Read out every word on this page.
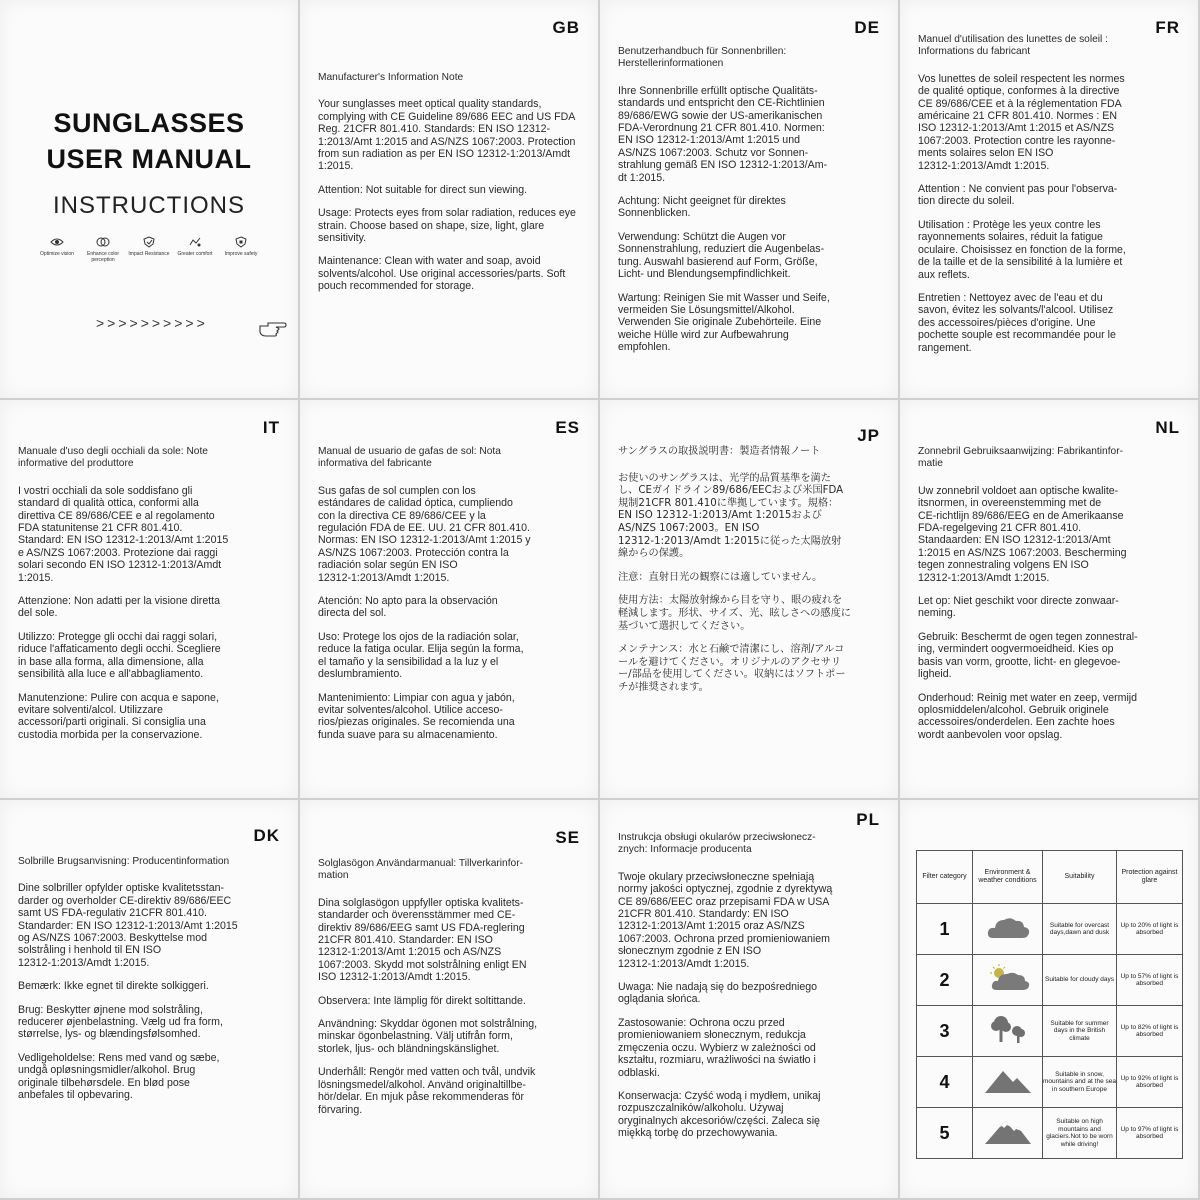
SUNGLASSES
USER MANUAL
INSTRUCTIONS
Optimize vision	Enhance color perception
Impact Resistance	Greater comfort	Improve safety
>>>>>>>>>>
GB

Manufacturer's Information Note

Your sunglasses meet optical quality standards, complying with CE Guideline 89/686 EEC and US FDA Reg. 21CFR 801.410. Standards: EN ISO 12312-1:2013/Amt 1:2015 and AS/NZS 1067:2003. Protection from sun radiation as per EN ISO 12312-1:2013/Amdt 1:2015.

Attention: Not suitable for direct sun viewing.

Usage: Protects eyes from solar radiation, reduces eye strain. Choose based on shape, size, light, glare sensitivity.

Maintenance: Clean with water and soap, avoid solvents/alcohol. Use original accessories/parts. Soft pouch recommended for storage.

DE

Benutzerhandbuch für Sonnenbrillen:
Herstellerinformationen

Ihre Sonnenbrille erfüllt optische Qualitäts-
standards und entspricht den CE-Richtlinien
89/686/EWG sowie der US-amerikanischen
FDA-Verordnung 21 CFR 801.410. Normen:
EN ISO 12312-1:2013/Amt 1:2015 und
AS/NZS 1067:2003. Schutz vor Sonnen-
strahlung gemäß EN ISO 12312-1:2013/Am-
dt 1:2015.

Achtung: Nicht geeignet für direktes
Sonnenblicken.

Verwendung: Schützt die Augen vor
Sonnenstrahlung, reduziert die Augenbelas-
tung. Auswahl basierend auf Form, Größe,
Licht- und Blendungsempfindlichkeit.

Wartung: Reinigen Sie mit Wasser und Seife,
vermeiden Sie Lösungsmittel/Alkohol.
Verwenden Sie originale Zubehörteile. Eine
weiche Hülle wird zur Aufbewahrung
empfohlen.

FR

Manuel d'utilisation des lunettes de soleil :
Informations du fabricant

Vos lunettes de soleil respectent les normes
de qualité optique, conformes à la directive
CE 89/686/CEE et à la réglementation FDA
américaine 21 CFR 801.410. Normes : EN
ISO 12312-1:2013/Amt 1:2015 et AS/NZS
1067:2003. Protection contre les rayonne-
ments solaires selon EN ISO
12312-1:2013/Amdt 1:2015.

Attention : Ne convient pas pour l'observa-
tion directe du soleil.

Utilisation : Protège les yeux contre les
rayonnements solaires, réduit la fatigue
oculaire. Choisissez en fonction de la forme,
de la taille et de la sensibilité à la lumière et
aux reflets.

Entretien : Nettoyez avec de l'eau et du
savon, évitez les solvants/l'alcool. Utilisez
des accessoires/pièces d'origine. Une
pochette souple est recommandée pour le
rangement.

IT

Manuale d'uso degli occhiali da sole: Note
informative del produttore

I vostri occhiali da sole soddisfano gli
standard di qualità ottica, conformi alla
direttiva CE 89/686/CEE e al regolamento
FDA statunitense 21 CFR 801.410.
Standard: EN ISO 12312-1:2013/Amt 1:2015
e AS/NZS 1067:2003. Protezione dai raggi
solari secondo EN ISO 12312-1:2013/Amdt
1:2015.

Attenzione: Non adatti per la visione diretta
del sole.

Utilizzo: Protegge gli occhi dai raggi solari,
riduce l'affaticamento degli occhi. Scegliere
in base alla forma, alla dimensione, alla
sensibilità alla luce e all'abbagliamento.

Manutenzione: Pulire con acqua e sapone,
evitare solventi/alcol. Utilizzare
accessori/parti originali. Si consiglia una
custodia morbida per la conservazione.

ES

Manual de usuario de gafas de sol: Nota
informativa del fabricante

Sus gafas de sol cumplen con los
estándares de calidad óptica, cumpliendo
con la directiva CE 89/686/CEE y la
regulación FDA de EE. UU. 21 CFR 801.410.
Normas: EN ISO 12312-1:2013/Amt 1:2015 y
AS/NZS 1067:2003. Protección contra la
radiación solar según EN ISO
12312-1:2013/Amdt 1:2015.

Atención: No apto para la observación
directa del sol.

Uso: Protege los ojos de la radiación solar,
reduce la fatiga ocular. Elija según la forma,
el tamaño y la sensibilidad a la luz y el
deslumbramiento.

Mantenimiento: Limpiar con agua y jabón,
evitar solventes/alcohol. Utilice acceso-
rios/piezas originales. Se recomienda una
funda suave para su almacenamiento.

JP

サングラスの取扱説明書：製造者情報ノート

お使いのサングラスは、光学的品質基準を満た
し、CEガイドライン89/686/EECおよび米国FDA
規制21CFR 801.410に準拠しています。規格：
EN ISO 12312-1:2013/Amt 1:2015および
AS/NZS 1067:2003。EN ISO
12312-1:2013/Amdt 1:2015に従った太陽放射
線からの保護。

注意：直射日光の観察には適していません。

使用方法：太陽放射線から目を守り、眼の疲れを
軽減します。形状、サイズ、光、眩しさへの感度に
基づいて選択してください。

メンテナンス：水と石鹸で清潔にし、溶剤/アルコ
ールを避けてください。オリジナルのアクセサリ
ー/部品を使用してください。収納にはソフトポー
チが推奨されます。

NL

Zonnebril Gebruiksaanwijzing: Fabrikantinfor-
matie

Uw zonnebril voldoet aan optische kwalite-
itsnormen, in overeenstemming met de
CE-richtlijn 89/686/EEG en de Amerikaanse
FDA-regelgeving 21 CFR 801.410.
Standaarden: EN ISO 12312-1:2013/Amt
1:2015 en AS/NZS 1067:2003. Bescherming
tegen zonnestraling volgens EN ISO
12312-1:2013/Amdt 1:2015.

Let op: Niet geschikt voor directe zonwaar-
neming.

Gebruik: Beschermt de ogen tegen zonnestral-
ing, vermindert oogvermoeidheid. Kies op
basis van vorm, grootte, licht- en glegevoe-
ligheid.

Onderhoud: Reinig met water en zeep, vermijd
oplosmiddelen/alcohol. Gebruik originele
accessoires/onderdelen. Een zachte hoes
wordt aanbevolen voor opslag.

DK

Solbrille Brugsanvisning: Producentinformation

Dine solbriller opfylder optiske kvalitetsstan-
darder og overholder CE-direktiv 89/686/EEC
samt US FDA-regulativ 21CFR 801.410.
Standarder: EN ISO 12312-1:2013/Amt 1:2015
og AS/NZS 1067:2003. Beskyttelse mod
solstråling i henhold til EN ISO
12312-1:2013/Amdt 1:2015.

Bemærk: Ikke egnet til direkte solkiggeri.

Brug: Beskytter øjnene mod solstråling,
reducerer øjenbelastning. Vælg ud fra form,
størrelse, lys- og blændingsfølsomhed.

Vedligeholdelse: Rens med vand og sæbe,
undgå opløsningsmidler/alkohol. Brug
originale tilbehørsdele. En blød pose
anbefales til opbevaring.

SE

Solglasögon Användarmanual: Tillverkarinfor-
mation

Dina solglasögon uppfyller optiska kvalitets-
standarder och överensstämmer med CE-
direktiv 89/686/EEG samt US FDA-reglering
21CFR 801.410. Standarder: EN ISO
12312-1:2013/Amt 1:2015 och AS/NZS
1067:2003. Skydd mot solstrålning enligt EN
ISO 12312-1:2013/Amdt 1:2015.

Observera: Inte lämplig för direkt soltittande.

Användning: Skyddar ögonen mot solstrålning,
minskar ögonbelastning. Välj utifrån form,
storlek, ljus- och bländningskänslighet.

Underhåll: Rengör med vatten och tvål, undvik
lösningsmedel/alkohol. Använd originaltillbe-
hör/delar. En mjuk påse rekommenderas för
förvaring.

PL

Instrukcja obsługi okularów przeciwsłonecz-
znych: Informacje producenta

Twoje okulary przeciwsłoneczne spełniają
normy jakości optycznej, zgodnie z dyrektywą
CE 89/686/EEC oraz przepisami FDA w USA
21CFR 801.410. Standardy: EN ISO
12312-1:2013/Amt 1:2015 oraz AS/NZS
1067:2003. Ochrona przed promieniowaniem
słonecznym zgodnie z EN ISO
12312-1:2013/Amdt 1:2015.

Uwaga: Nie nadają się do bezpośredniego
oglądania słońca.

Zastosowanie: Ochrona oczu przed
promieniowaniem słonecznym, redukcja
zmęczenia oczu. Wybierz w zależności od
kształtu, rozmiaru, wrażliwości na światło i
odblaski.

Konserwacja: Czyść wodą i mydłem, unikaj
rozpuszczalników/alkoholu. Używaj
oryginalnych akcesoriów/części. Zaleca się
miękką torbę do przechowywania.

Filter category	Environment & weather conditions	Suitability	Protection against glare
1		Suitable for overcast days,dawn and dusk	Up to 20% of light is absorbed
2		Suitable for cloudy days	Up to 57% of light is absorbed
3		Suitable for summer days in the British climate	Up to 82% of light is absorbed
4		Suitable in snow, mountains and at the sea in southern Europe	Up to 92% of light is absorbed
5		Suitable on high mountains and glaciers.Not to be worn while driving!	Up to 97% of light is absorbed
